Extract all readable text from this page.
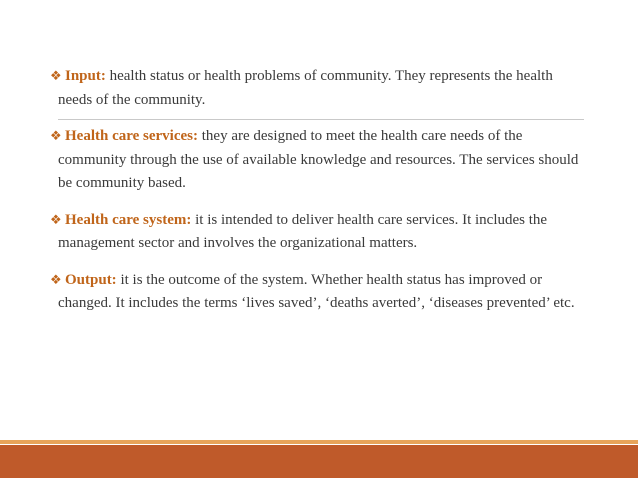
❖ Input: health status or health problems of community. They represents the health needs of the community.

❖ Health care services: they are designed to meet the health care needs of the community through the use of available knowledge and resources. The services should be community based.

❖ Health care system: it is intended to deliver health care services. It includes the management sector and involves the organizational matters.

❖ Output: it is the outcome of the system. Whether health status has improved or changed. It includes the terms ‘lives saved’, ‘deaths averted’, ‘diseases prevented’ etc.
